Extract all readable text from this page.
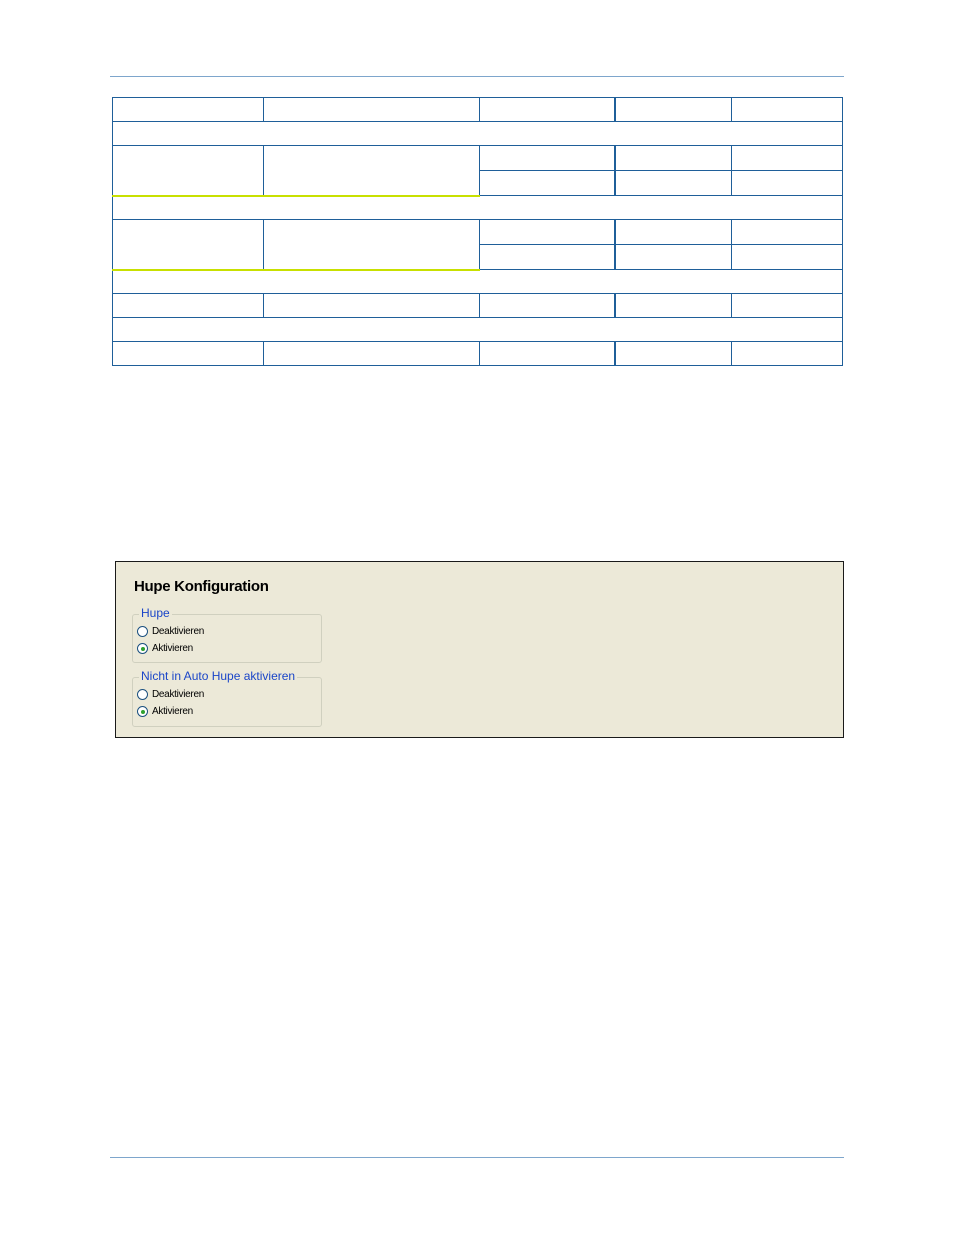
Hupe Konfiguration
Hupe
Deaktivieren
Aktivieren
Nicht in Auto Hupe aktivieren
Deaktivieren
Aktivieren
